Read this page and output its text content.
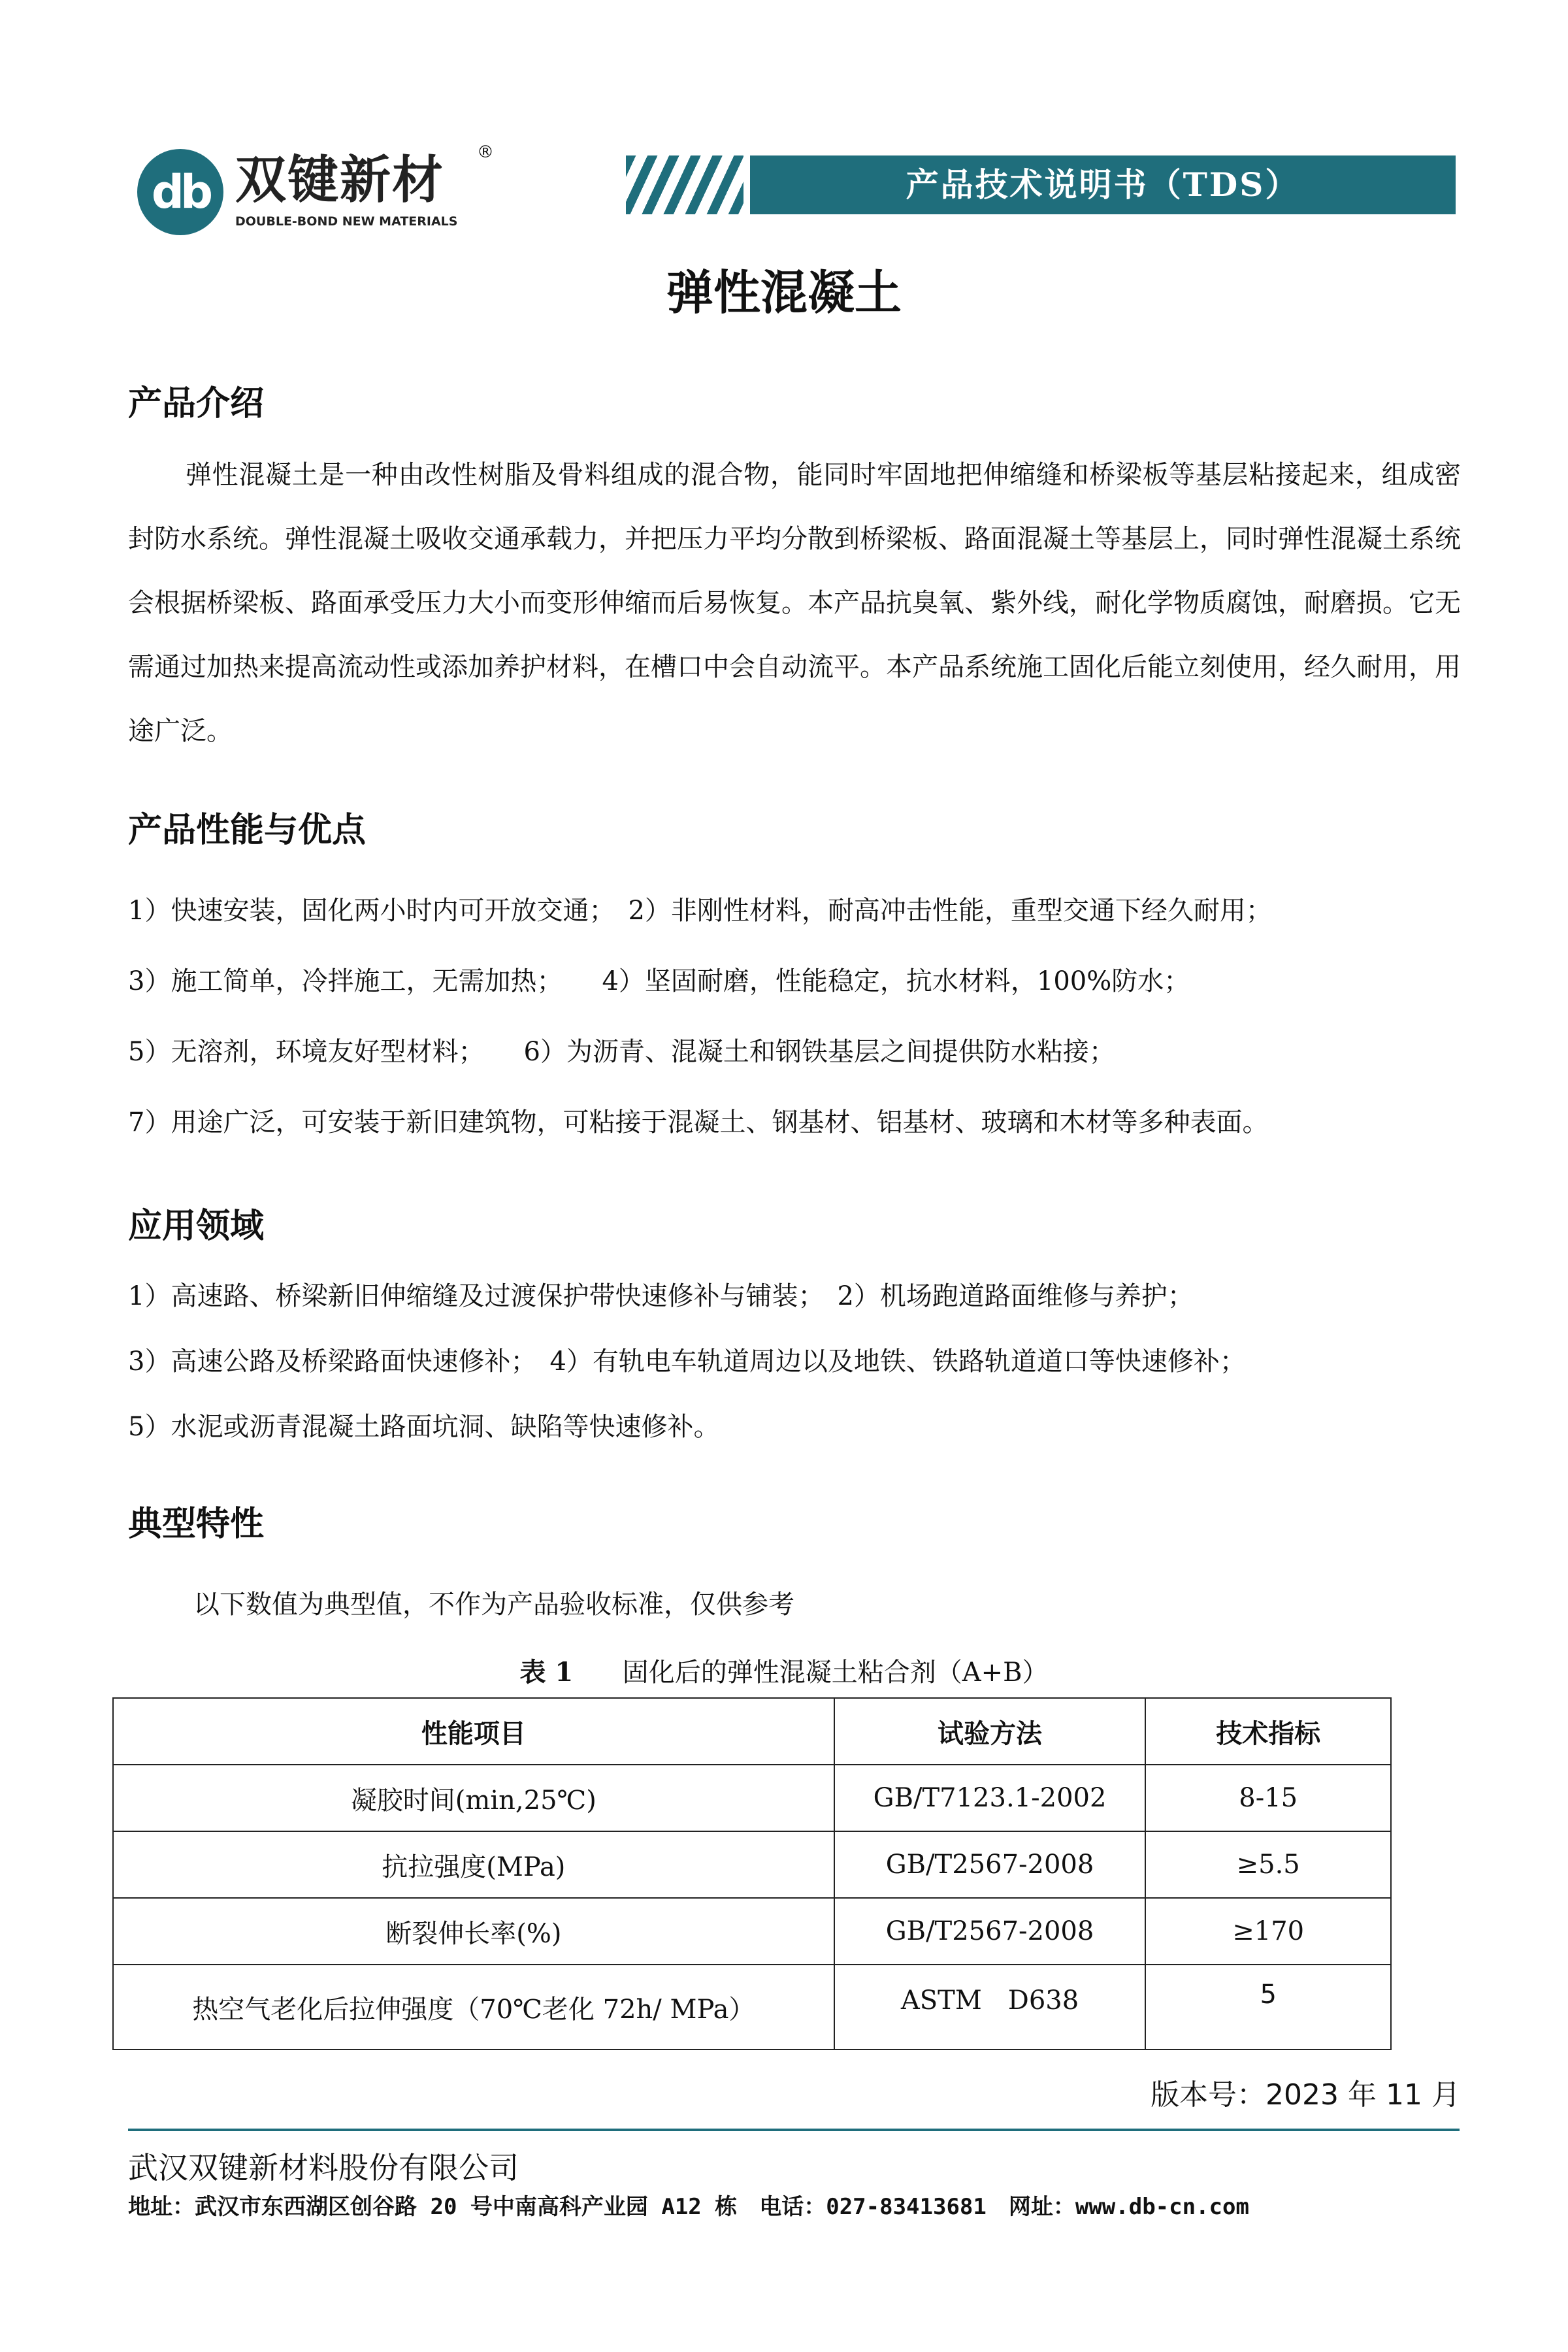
db 双键新材 ®
DOUBLE-BOND NEW MATERIALS
产品技术说明书（TDS）
弹性混凝土
产品介绍
弹性混凝土是一种由改性树脂及骨料组成的混合物，能同时牢固地把伸缩缝和桥梁板等基层粘接起来，组成密封防水系统。弹性混凝土吸收交通承载力，并把压力平均分散到桥梁板、路面混凝土等基层上，同时弹性混凝土系统会根据桥梁板、路面承受压力大小而变形伸缩而后易恢复。本产品抗臭氧、紫外线，耐化学物质腐蚀，耐磨损。它无需通过加热来提高流动性或添加养护材料，在槽口中会自动流平。本产品系统施工固化后能立刻使用，经久耐用，用途广泛。
产品性能与优点
1）快速安装，固化两小时内可开放交通；　2）非刚性材料，耐高冲击性能，重型交通下经久耐用；
3）施工简单，冷拌施工，无需加热；　　4）坚固耐磨，性能稳定，抗水材料，100%防水；
5）无溶剂，环境友好型材料；　　6）为沥青、混凝土和钢铁基层之间提供防水粘接；
7）用途广泛，可安装于新旧建筑物，可粘接于混凝土、钢基材、铝基材、玻璃和木材等多种表面。
应用领域
1）高速路、桥梁新旧伸缩缝及过渡保护带快速修补与铺装；　2）机场跑道路面维修与养护；
3）高速公路及桥梁路面快速修补；　4）有轨电车轨道周边以及地铁、铁路轨道道口等快速修补；
5）水泥或沥青混凝土路面坑洞、缺陷等快速修补。
典型特性
以下数值为典型值，不作为产品验收标准，仅供参考
表 1 固化后的弹性混凝土粘合剂（A+B）
性能项目	试验方法	技术指标
凝胶时间(min,25℃)	GB/T7123.1-2002	8-15
抗拉强度(MPa)	GB/T2567-2008	≥5.5
断裂伸长率(%)	GB/T2567-2008	≥170
热空气老化后拉伸强度（70℃老化 72h/ MPa）	ASTM　D638	5
版本号：2023 年 11 月
武汉双键新材料股份有限公司
地址：武汉市东西湖区创谷路 20 号中南高科产业园 A12 栋　电话：027-83413681　网址：www.db-cn.com
